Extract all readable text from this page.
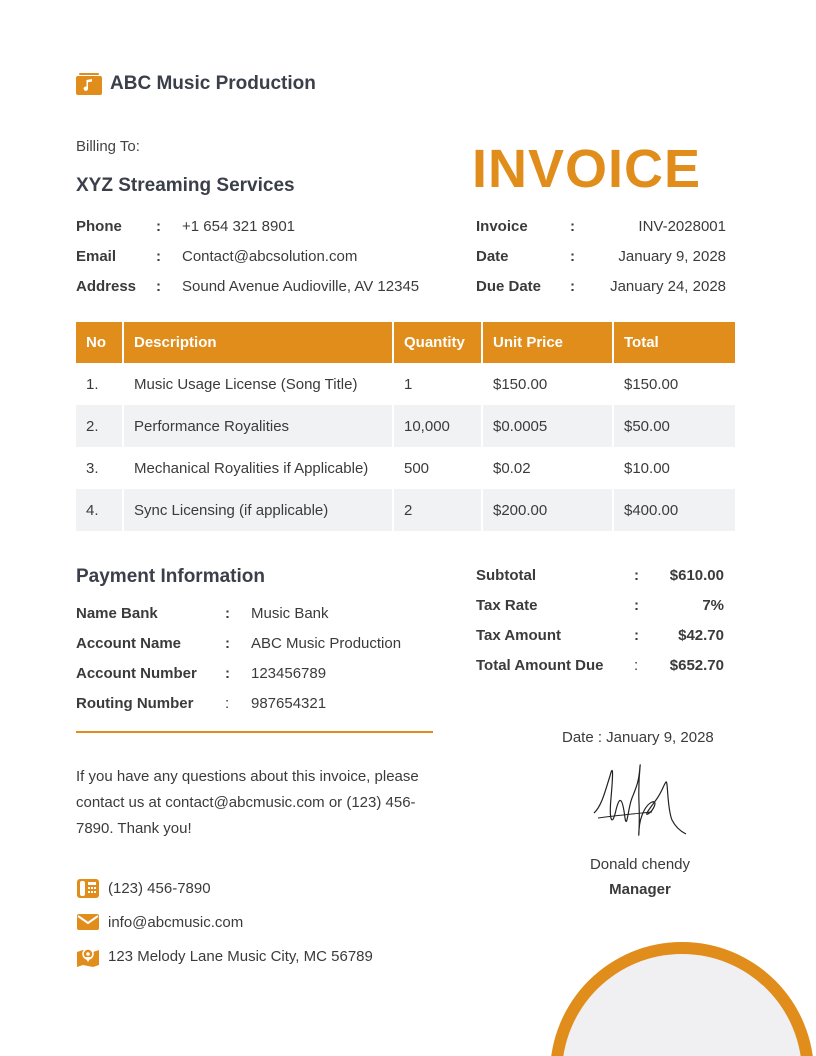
ABC Music Production
Billing To:
XYZ Streaming Services	INVOICE
Phone : +1 654 321 8901
Email	: Contact@abcsolution.com
Address : Sound Avenue Audioville, AV 12345
Invoice	:	INV-2028001
Date	:	January 9, 2028
Due Date : January 24, 2028
No	Description	Quantity	Unit Price	Total
1.	Music Usage License (Song Title)	1	$150.00	$150.00
2.	Performance Royalities	10,000	$0.0005	$50.00
3.	Mechanical Royalities if Applicable)	500	$0.02	$10.00
4.	Sync Licensing (if applicable)	2	$200.00	$400.00
Payment Information
Name Bank	: Music Bank
Account Name	: ABC Music Production
Account Number : 123456789
Routing Number : 987654321
Subtotal	: $610.00
Tax Rate	:	7%
Tax Amount	:	$42.70
Total Amount Due : $652.70
If you have any questions about this invoice, please contact us at contact@abcmusic.com or (123) 456-7890. Thank you!
(123) 456-7890
info@abcmusic.com
123 Melody Lane Music City, MC 56789
Date : January 9, 2028
Donald chendy
Manager
